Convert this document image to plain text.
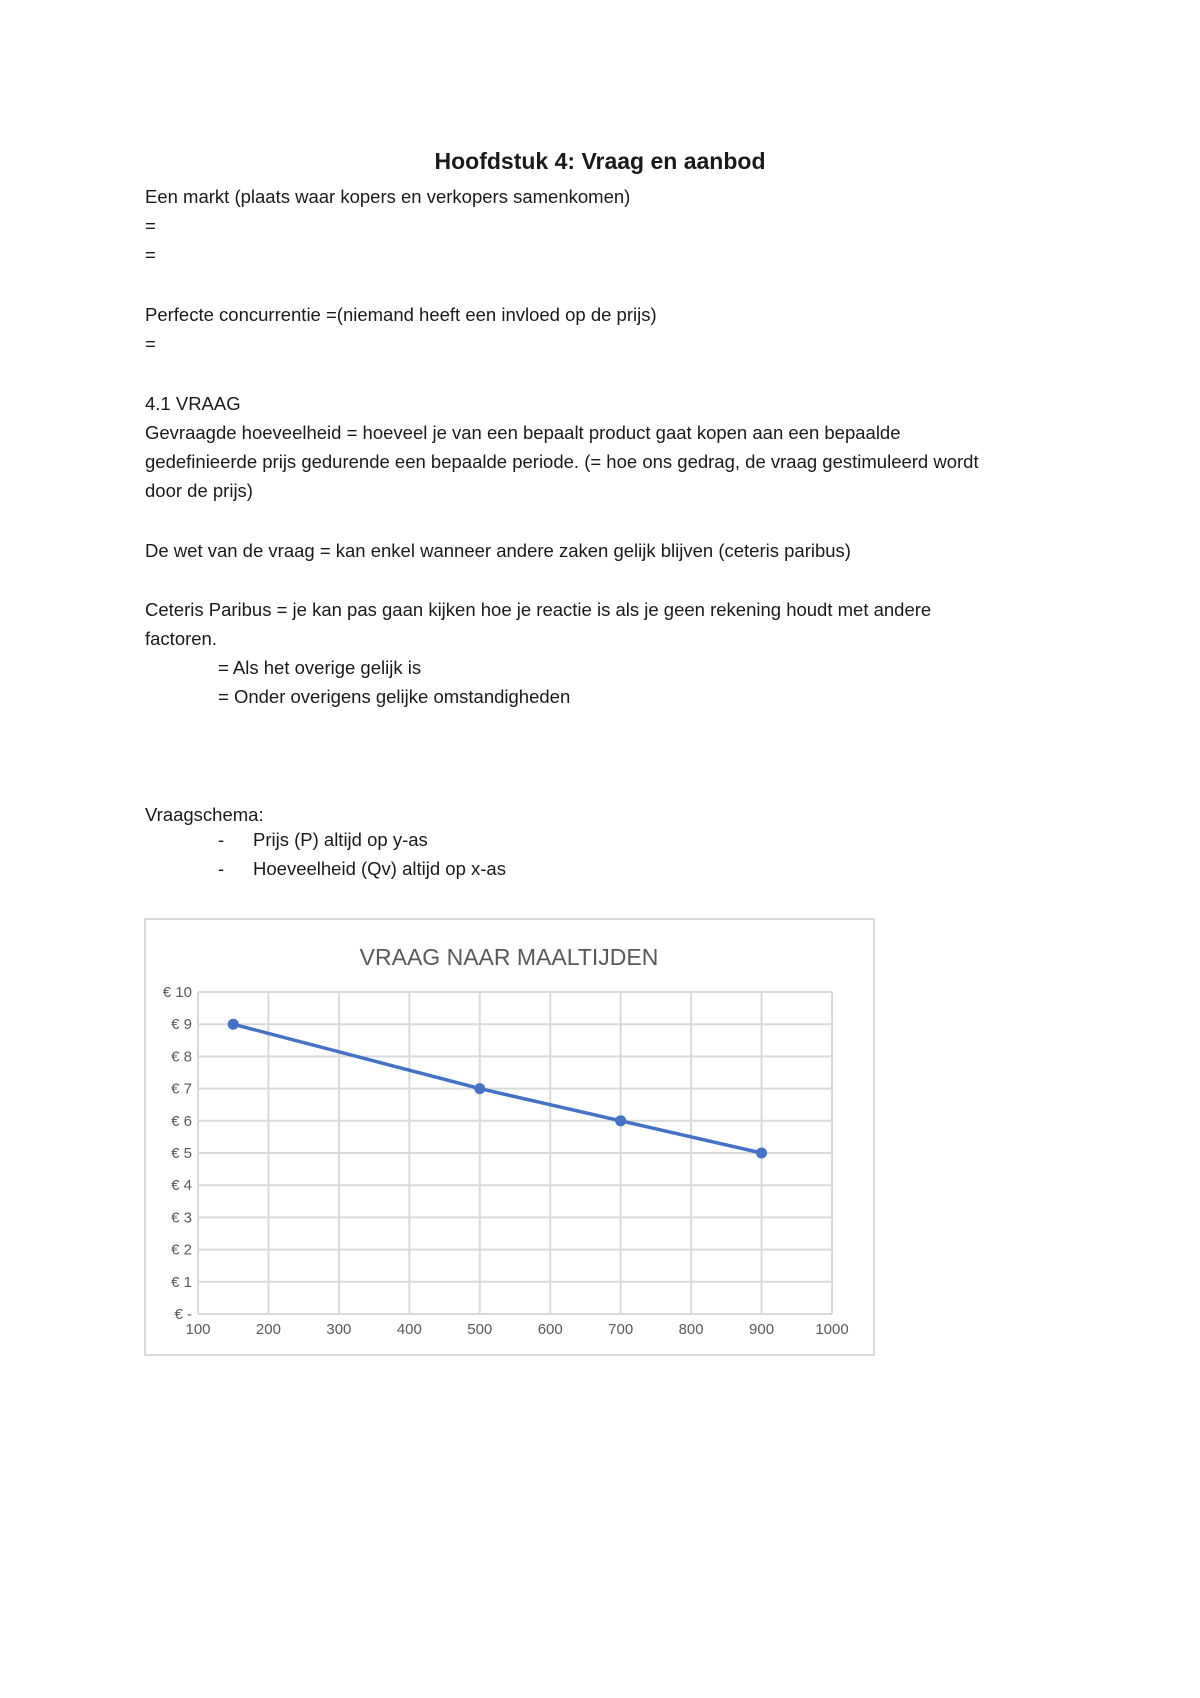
Hoofdstuk 4: Vraag en aanbod
Een markt (plaats waar kopers en verkopers samenkomen)
=
=
Perfecte concurrentie =(niemand heeft een invloed op de prijs)
=
4.1 VRAAG
Gevraagde hoeveelheid = hoeveel je van een bepaalt product gaat kopen aan een bepaalde
gedefinieerde prijs gedurende een bepaalde periode. (= hoe ons gedrag, de vraag gestimuleerd wordt
door de prijs)
De wet van de vraag = kan enkel wanneer andere zaken gelijk blijven (ceteris paribus)
Ceteris Paribus = je kan pas gaan kijken hoe je reactie is als je geen rekening houdt met andere
factoren.
= Als het overige gelijk is
= Onder overigens gelijke omstandigheden
Vraagschema:
- Prijs (P) altijd op y-as
- Hoeveelheid (Qv) altijd op x-as
VRAAG NAAR MAALTIJDEN
100	200	300	400	500	600	700	800	900	1000
€ -
€ 1
€ 2
€ 3
€ 4
€ 5
€ 6
€ 7
€ 8
€ 9
€ 10
